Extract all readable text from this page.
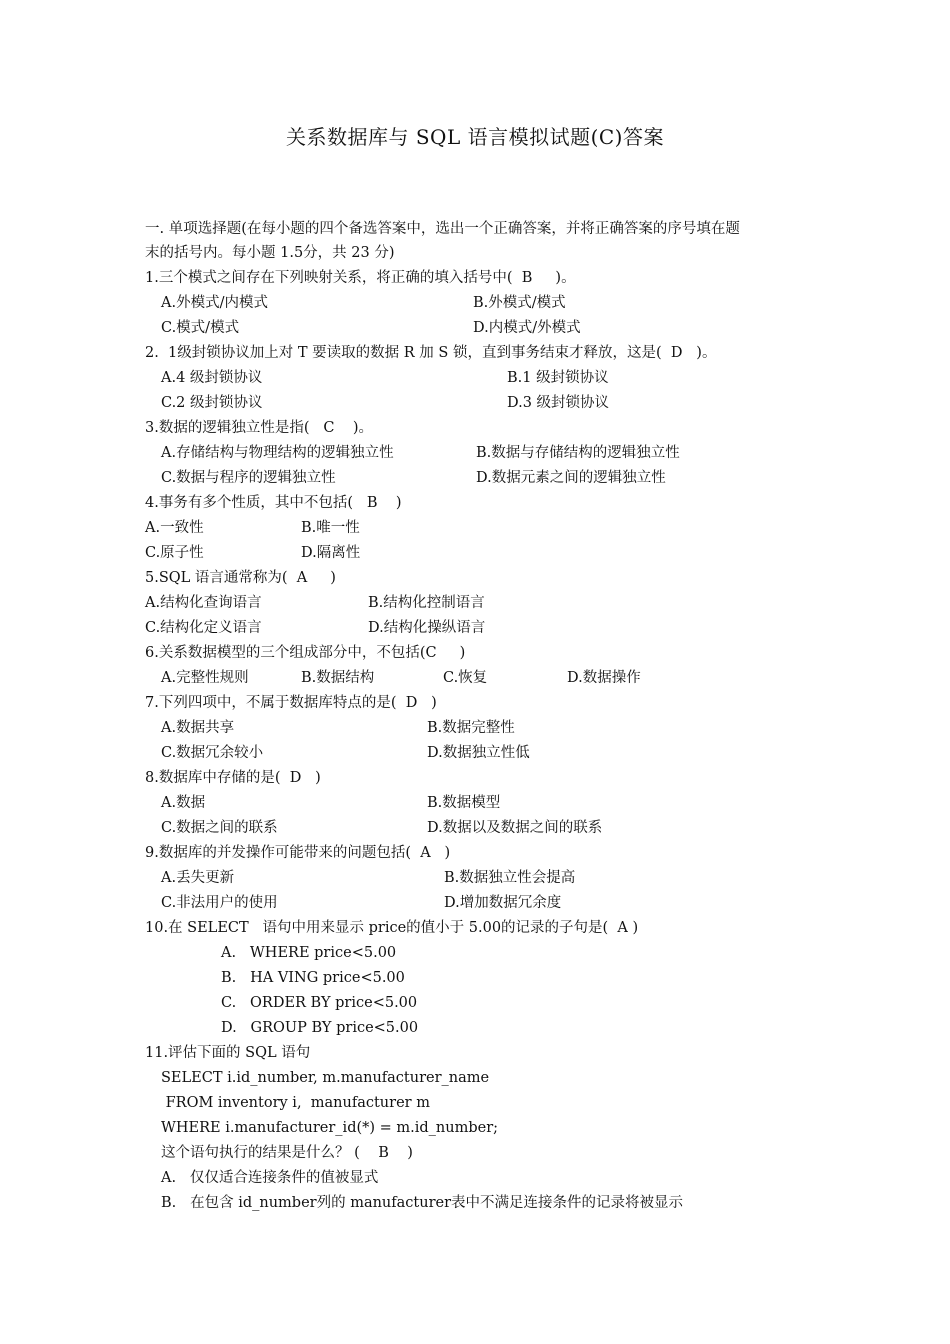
关系数据库与 SQL 语言模拟试题(C)答案
一. 单项选择题(在每小题的四个备选答案中，选出一个正确答案，并将正确答案的序号填在题
末的括号内。每小题 1.5分，共 23 分)
1.三个模式之间存在下列映射关系，将正确的填入括号中(  B     )。
A.外模式/内模式	B.外模式/模式
C.模式/模式	D.内模式/外模式
2.  1级封锁协议加上对 T 要读取的数据 R 加 S 锁，直到事务结束才释放，这是(  D   )。
A.4 级封锁协议	B.1 级封锁协议
C.2 级封锁协议	D.3 级封锁协议
3.数据的逻辑独立性是指(   C    )。
A.存储结构与物理结构的逻辑独立性	B.数据与存储结构的逻辑独立性
C.数据与程序的逻辑独立性	D.数据元素之间的逻辑独立性
4.事务有多个性质，其中不包括(   B    )
A.一致性	B.唯一性
C.原子性	D.隔离性
5.SQL 语言通常称为(  A     )
A.结构化查询语言	B.结构化控制语言
C.结构化定义语言	D.结构化操纵语言
6.关系数据模型的三个组成部分中，不包括(C     )
A.完整性规则	B.数据结构	C.恢复	D.数据操作
7.下列四项中，不属于数据库特点的是(  D   )
A.数据共享	B.数据完整性
C.数据冗余较小	D.数据独立性低
8.数据库中存储的是(  D   )
A.数据	B.数据模型
C.数据之间的联系	D.数据以及数据之间的联系
9.数据库的并发操作可能带来的问题包括(  A   )
A.丢失更新	B.数据独立性会提高
C.非法用户的使用	D.增加数据冗余度
10.在 SELECT   语句中用来显示 price的值小于 5.00的记录的子句是(  A )
A.   WHERE price<5.00
B.   HA VING price<5.00
C.   ORDER BY price<5.00
D.   GROUP BY price<5.00
11.评估下面的 SQL 语句
SELECT i.id_number, m.manufacturer_name
FROM inventory i,  manufacturer m
WHERE i.manufacturer_id(*) = m.id_number;
这个语句执行的结果是什么？ (    B    )
A.   仅仅适合连接条件的值被显式
B.   在包含 id_number列的 manufacturer表中不满足连接条件的记录将被显示
